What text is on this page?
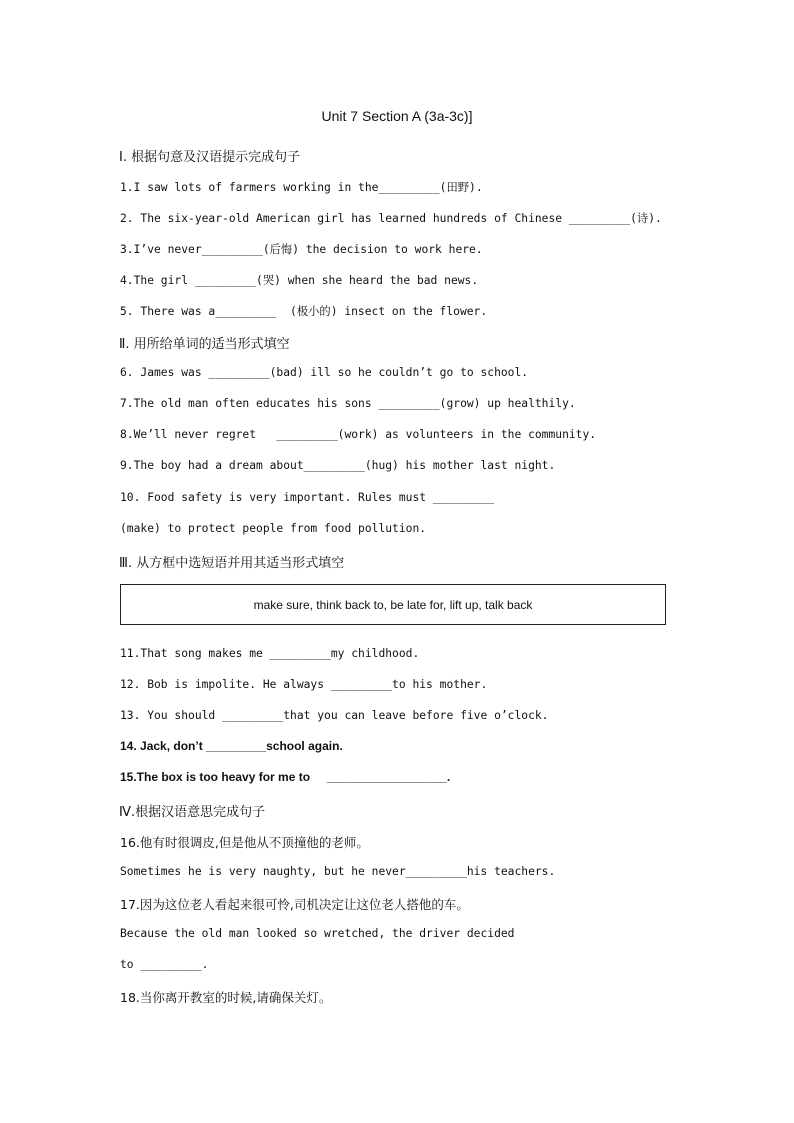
Unit 7 Section A (3a-3c)]
Ⅰ. 根据句意及汉语提示完成句子
1.I saw lots of farmers working in the_________(田野).
2. The six-year-old American girl has learned hundreds of Chinese _________(诗).
3.I’ve never_________(后悔) the decision to work here.
4.The girl _________(哭) when she heard the bad news.
5. There was a_________  (极小的) insect on the flower.
Ⅱ. 用所给单词的适当形式填空
6. James was _________(bad) ill so he couldn’t go to school.
7.The old man often educates his sons _________(grow) up healthily.
8.We’ll never regret   _________(work) as volunteers in the community.
9.The boy had a dream about_________(hug) his mother last night.
10. Food safety is very important. Rules must _________
(make) to protect people from food pollution.
Ⅲ. 从方框中选短语并用其适当形式填空
make sure, think back to, be late for, lift up, talk back
11.That song makes me _________my childhood.
12. Bob is impolite. He always _________to his mother.
13. You should _________that you can leave before five o’clock.
14. Jack, don’t _________school again.
15.The box is too heavy for me to     __________________.
Ⅳ.根据汉语意思完成句子
16.他有时很调皮,但是他从不顶撞他的老师。
Sometimes he is very naughty, but he never_________his teachers.
17.因为这位老人看起来很可怜,司机决定让这位老人搭他的车。
Because the old man looked so wretched, the driver decided
to _________.
18.当你离开教室的时候,请确保关灯。
